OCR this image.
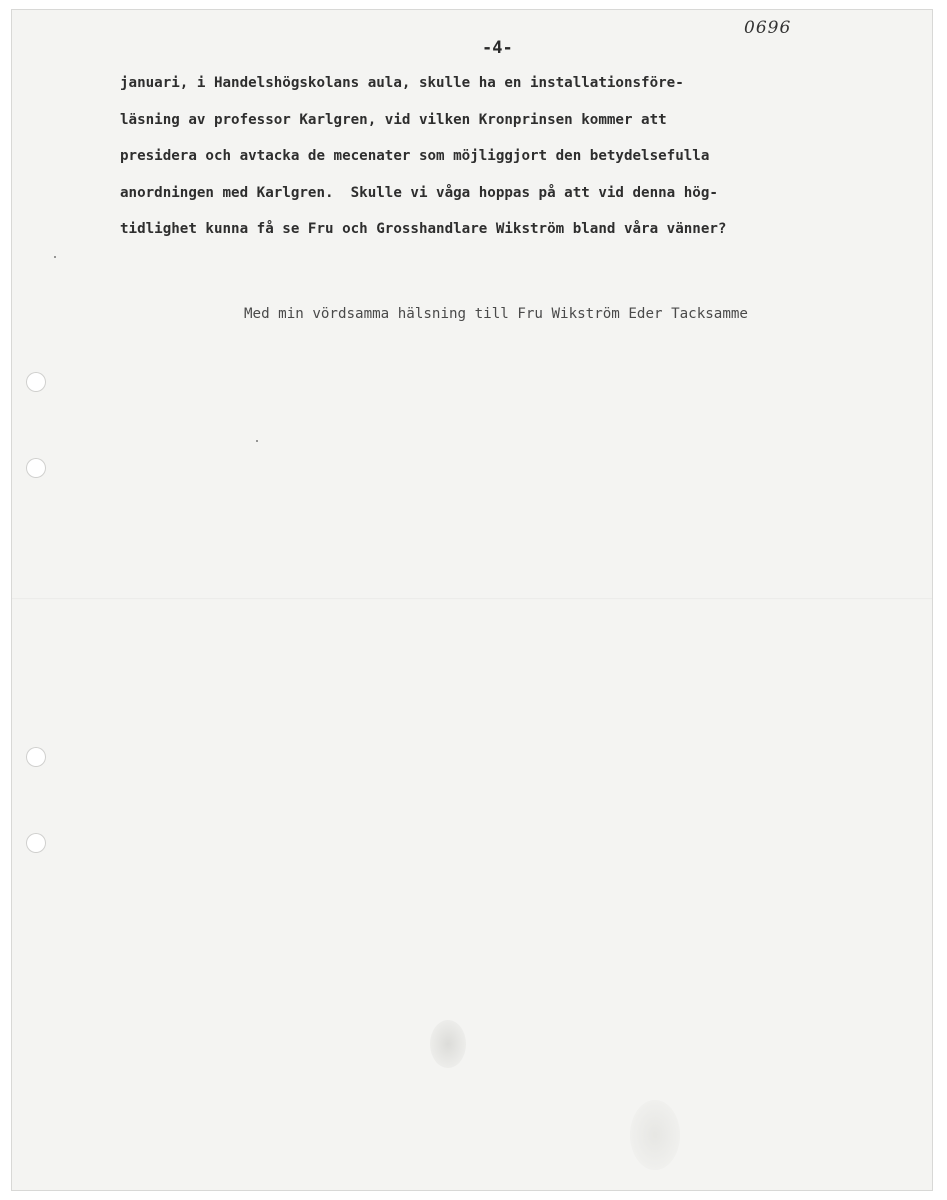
0696
-4-
januari, i Handelshögskolans aula, skulle ha en installationsföre-
läsning av professor Karlgren, vid vilken Kronprinsen kommer att
presidera och avtacka de mecenater som möjliggjort den betydelsefulla
anordningen med Karlgren.  Skulle vi våga hoppas på att vid denna hög-
tidlighet kunna få se Fru och Grosshandlare Wikström bland våra vänner?
Med min vördsamma hälsning till Fru Wikström Eder Tacksamme
